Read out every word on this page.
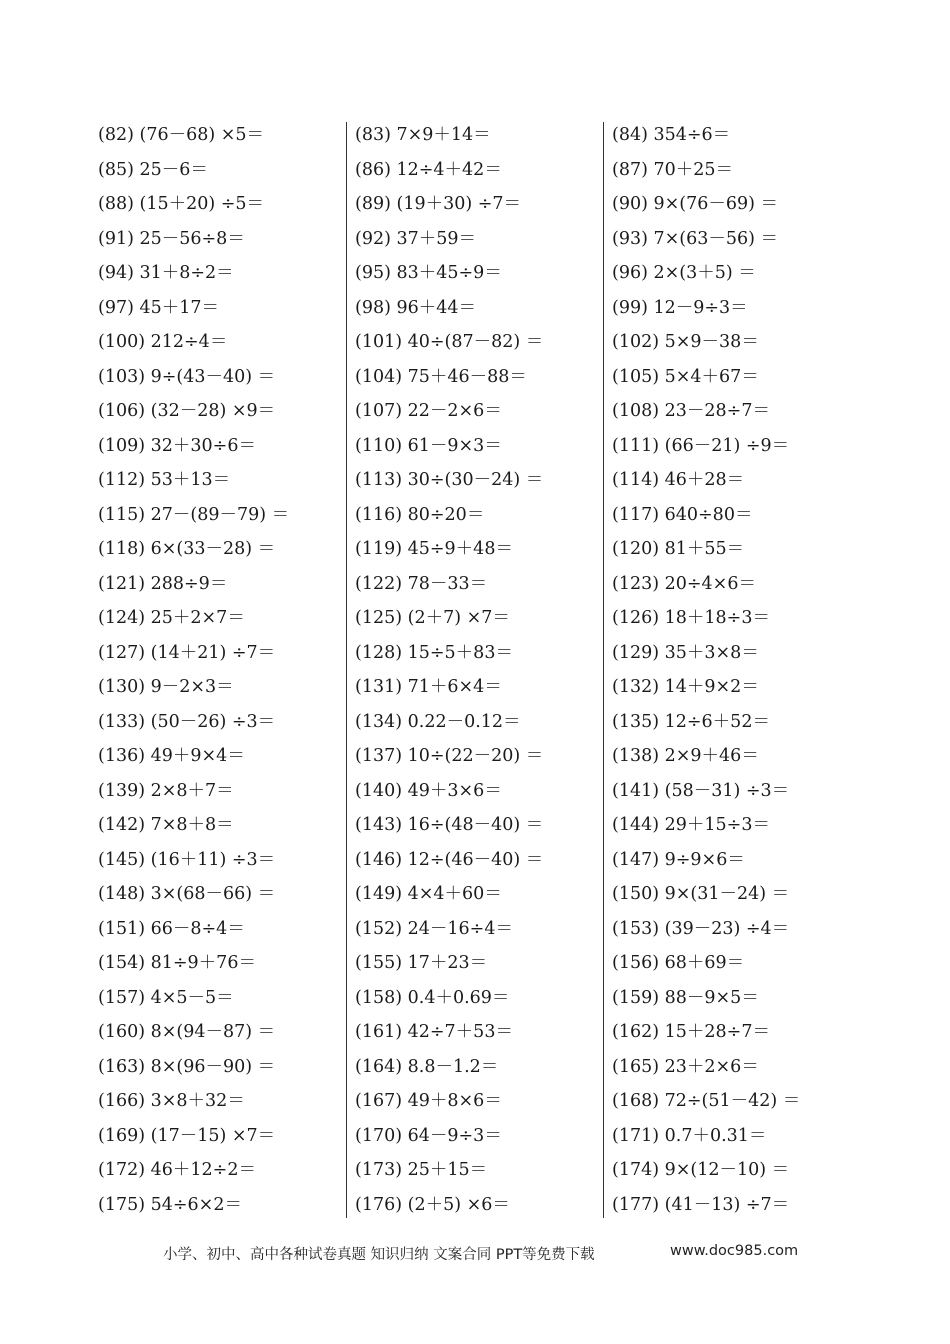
(82) (76－68) ×5＝
(85) 25－6＝
(88) (15＋20) ÷5＝
(91) 25－56÷8＝
(94) 31＋8÷2＝
(97) 45＋17＝
(100) 212÷4＝
(103) 9÷(43－40) ＝
(106) (32－28) ×9＝
(109) 32＋30÷6＝
(112) 53＋13＝
(115) 27－(89－79) ＝
(118) 6×(33－28) ＝
(121) 288÷9＝
(124) 25＋2×7＝
(127) (14＋21) ÷7＝
(130) 9－2×3＝
(133) (50－26) ÷3＝
(136) 49＋9×4＝
(139) 2×8＋7＝
(142) 7×8＋8＝
(145) (16＋11) ÷3＝
(148) 3×(68－66) ＝
(151) 66－8÷4＝
(154) 81÷9＋76＝
(157) 4×5－5＝
(160) 8×(94－87) ＝
(163) 8×(96－90) ＝
(166) 3×8＋32＝
(169) (17－15) ×7＝
(172) 46＋12÷2＝
(175) 54÷6×2＝
(83) 7×9＋14＝
(86) 12÷4＋42＝
(89) (19＋30) ÷7＝
(92) 37＋59＝
(95) 83＋45÷9＝
(98) 96＋44＝
(101) 40÷(87－82) ＝
(104) 75＋46－88＝
(107) 22－2×6＝
(110) 61－9×3＝
(113) 30÷(30－24) ＝
(116) 80÷20＝
(119) 45÷9＋48＝
(122) 78－33＝
(125) (2＋7) ×7＝
(128) 15÷5＋83＝
(131) 71＋6×4＝
(134) 0.22－0.12＝
(137) 10÷(22－20) ＝
(140) 49＋3×6＝
(143) 16÷(48－40) ＝
(146) 12÷(46－40) ＝
(149) 4×4＋60＝
(152) 24－16÷4＝
(155) 17＋23＝
(158) 0.4＋0.69＝
(161) 42÷7＋53＝
(164) 8.8－1.2＝
(167) 49＋8×6＝
(170) 64－9÷3＝
(173) 25＋15＝
(176) (2＋5) ×6＝
(84) 354÷6＝
(87) 70＋25＝
(90) 9×(76－69) ＝
(93) 7×(63－56) ＝
(96) 2×(3＋5) ＝
(99) 12－9÷3＝
(102) 5×9－38＝
(105) 5×4＋67＝
(108) 23－28÷7＝
(111) (66－21) ÷9＝
(114) 46＋28＝
(117) 640÷80＝
(120) 81＋55＝
(123) 20÷4×6＝
(126) 18＋18÷3＝
(129) 35＋3×8＝
(132) 14＋9×2＝
(135) 12÷6＋52＝
(138) 2×9＋46＝
(141) (58－31) ÷3＝
(144) 29＋15÷3＝
(147) 9÷9×6＝
(150) 9×(31－24) ＝
(153) (39－23) ÷4＝
(156) 68＋69＝
(159) 88－9×5＝
(162) 15＋28÷7＝
(165) 23＋2×6＝
(168) 72÷(51－42) ＝
(171) 0.7＋0.31＝
(174) 9×(12－10) ＝
(177) (41－13) ÷7＝
小学、初中、高中各种试卷真题 知识归纳 文案合同 PPT等免费下载	www.doc985.com
